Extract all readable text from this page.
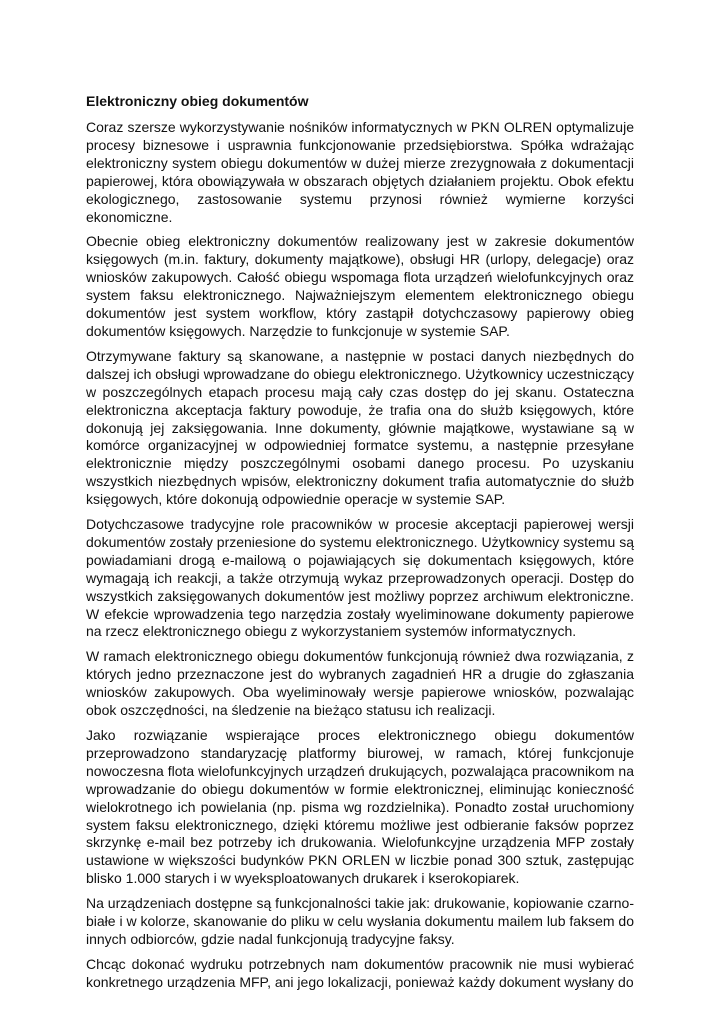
Elektroniczny obieg dokumentów

Coraz szersze wykorzystywanie nośników informatycznych w PKN OLREN optymalizuje procesy biznesowe i usprawnia funkcjonowanie przedsiębiorstwa. Spółka wdrażając elektroniczny system obiegu dokumentów w dużej mierze zrezygnowała z dokumentacji papierowej, która obowiązywała w obszarach objętych działaniem projektu. Obok efektu ekologicznego, zastosowanie systemu przynosi również wymierne korzyści ekonomiczne.

Obecnie obieg elektroniczny dokumentów realizowany jest w zakresie dokumentów księgowych (m.in. faktury, dokumenty majątkowe), obsługi HR (urlopy, delegacje) oraz wniosków zakupowych. Całość obiegu wspomaga flota urządzeń wielofunkcyjnych oraz system faksu elektronicznego. Najważniejszym elementem elektronicznego obiegu dokumentów jest system workflow, który zastąpił dotychczasowy papierowy obieg dokumentów księgowych. Narzędzie to funkcjonuje w systemie SAP.

Otrzymywane faktury są skanowane, a następnie w postaci danych niezbędnych do dalszej ich obsługi wprowadzane do obiegu elektronicznego. Użytkownicy uczestniczący w poszczególnych etapach procesu mają cały czas dostęp do jej skanu. Ostateczna elektroniczna akceptacja faktury powoduje, że trafia ona do służb księgowych, które dokonują jej zaksięgowania. Inne dokumenty, głównie majątkowe, wystawiane są w komórce organizacyjnej w odpowiedniej formatce systemu, a następnie przesyłane elektronicznie między poszczególnymi osobami danego procesu. Po uzyskaniu wszystkich niezbędnych wpisów, elektroniczny dokument trafia automatycznie do służb księgowych, które dokonują odpowiednie operacje w systemie SAP.

Dotychczasowe tradycyjne role pracowników w procesie akceptacji papierowej wersji dokumentów zostały przeniesione do systemu elektronicznego. Użytkownicy systemu są powiadamiani drogą e-mailową o pojawiających się dokumentach księgowych, które wymagają ich reakcji, a także otrzymują wykaz przeprowadzonych operacji. Dostęp do wszystkich zaksięgowanych dokumentów jest możliwy poprzez archiwum elektroniczne. W efekcie wprowadzenia tego narzędzia zostały wyeliminowane dokumenty papierowe na rzecz elektronicznego obiegu z wykorzystaniem systemów informatycznych.

W ramach elektronicznego obiegu dokumentów funkcjonują również dwa rozwiązania, z których jedno przeznaczone jest do wybranych zagadnień HR a drugie do zgłaszania wniosków zakupowych. Oba wyeliminowały wersje papierowe wniosków, pozwalając obok oszczędności, na śledzenie na bieżąco statusu ich realizacji.

Jako rozwiązanie wspierające proces elektronicznego obiegu dokumentów przeprowadzono standaryzację platformy biurowej, w ramach, której funkcjonuje nowoczesna flota wielofunkcyjnych urządzeń drukujących, pozwalająca pracownikom na wprowadzanie do obiegu dokumentów w formie elektronicznej, eliminując konieczność wielokrotnego ich powielania (np. pisma wg rozdzielnika). Ponadto został uruchomiony system faksu elektronicznego, dzięki któremu możliwe jest odbieranie faksów poprzez skrzynkę e-mail bez potrzeby ich drukowania. Wielofunkcyjne urządzenia MFP zostały ustawione w większości budynków PKN ORLEN w liczbie ponad 300 sztuk, zastępując blisko 1.000 starych i w wyeksploatowanych drukarek i kserokopiarek.

Na urządzeniach dostępne są funkcjonalności takie jak: drukowanie, kopiowanie czarno-białe i w kolorze, skanowanie do pliku w celu wysłania dokumentu mailem lub faksem do innych odbiorców, gdzie nadal funkcjonują tradycyjne faksy.

Chcąc dokonać wydruku potrzebnych nam dokumentów pracownik nie musi wybierać konkretnego urządzenia MFP, ani jego lokalizacji, ponieważ każdy dokument wysłany do
